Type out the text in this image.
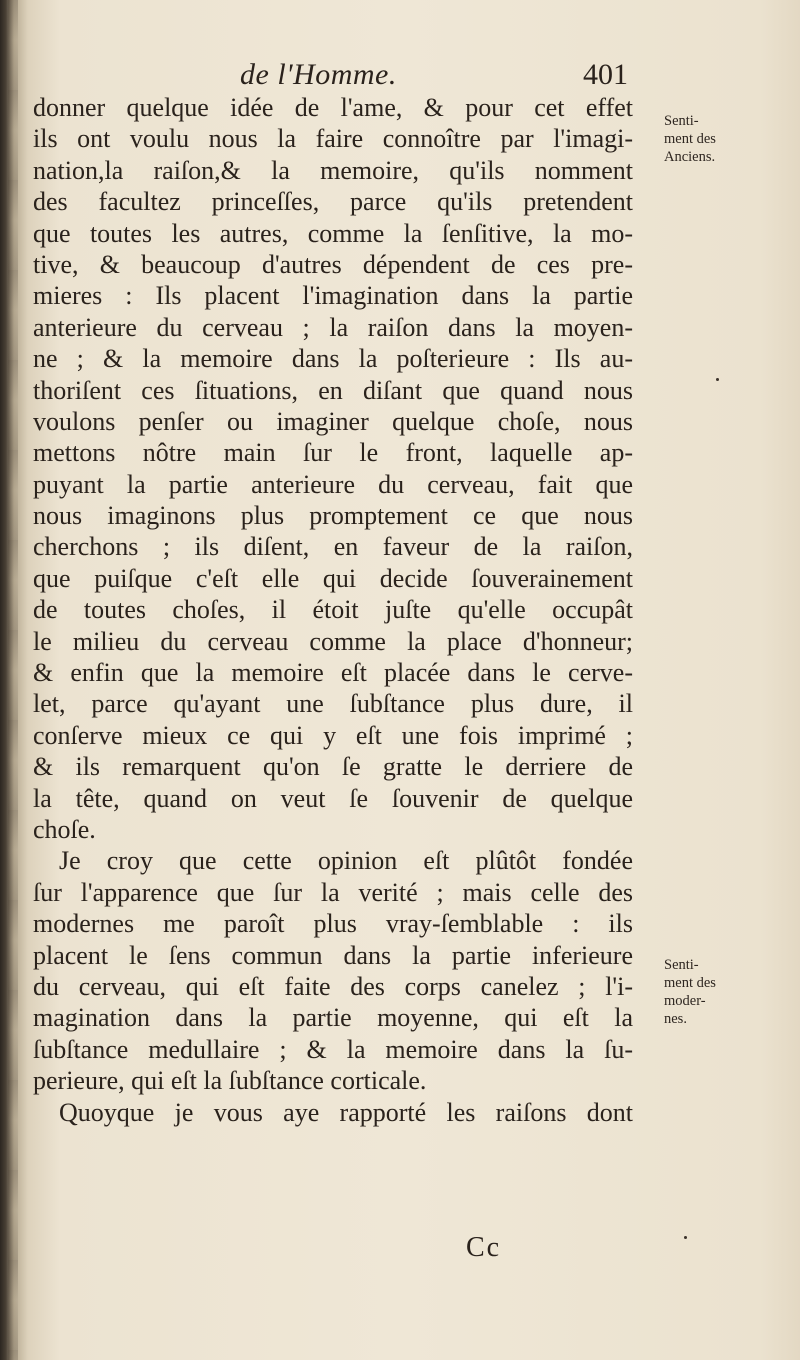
de l'Homme.	401
donner quelque idée de l'ame, & pour cet effet
ils ont voulu nous la faire connoître par l'imagi-
nation,la raiſon,& la memoire, qu'ils nomment
des facultez princeſſes, parce qu'ils pretendent
que toutes les autres, comme la ſenſitive, la mo-
tive, & beaucoup d'autres dépendent de ces pre-
mieres : Ils placent l'imagination dans la partie
anterieure du cerveau ; la raiſon dans la moyen-
ne ; & la memoire dans la poſterieure : Ils au-
thoriſent ces ſituations, en diſant que quand nous
voulons penſer ou imaginer quelque choſe, nous
mettons nôtre main ſur le front, laquelle ap-
puyant la partie anterieure du cerveau, fait que
nous imaginons plus promptement ce que nous
cherchons ; ils diſent, en faveur de la raiſon,
que puiſque c'eſt elle qui decide ſouverainement
de toutes choſes, il étoit juſte qu'elle occupât
le milieu du cerveau comme la place d'honneur;
& enfin que la memoire eſt placée dans le cerve-
let, parce qu'ayant une ſubſtance plus dure, il
conſerve mieux ce qui y eſt une fois imprimé ;
& ils remarquent qu'on ſe gratte le derriere de
la tête, quand on veut ſe ſouvenir de quelque
choſe.
Je croy que cette opinion eſt plûtôt fondée
ſur l'apparence que ſur la verité ; mais celle des
modernes me paroît plus vray-ſemblable : ils
placent le ſens commun dans la partie inferieure
du cerveau, qui eſt faite des corps canelez ; l'i-
magination dans la partie moyenne, qui eſt la
ſubſtance medullaire ; & la memoire dans la ſu-
perieure, qui eſt la ſubſtance corticale.
Quoyque je vous aye rapporté les raiſons dont
Senti-
ment des
Anciens.
Senti-
ment des
moder-
nes.
Cc
